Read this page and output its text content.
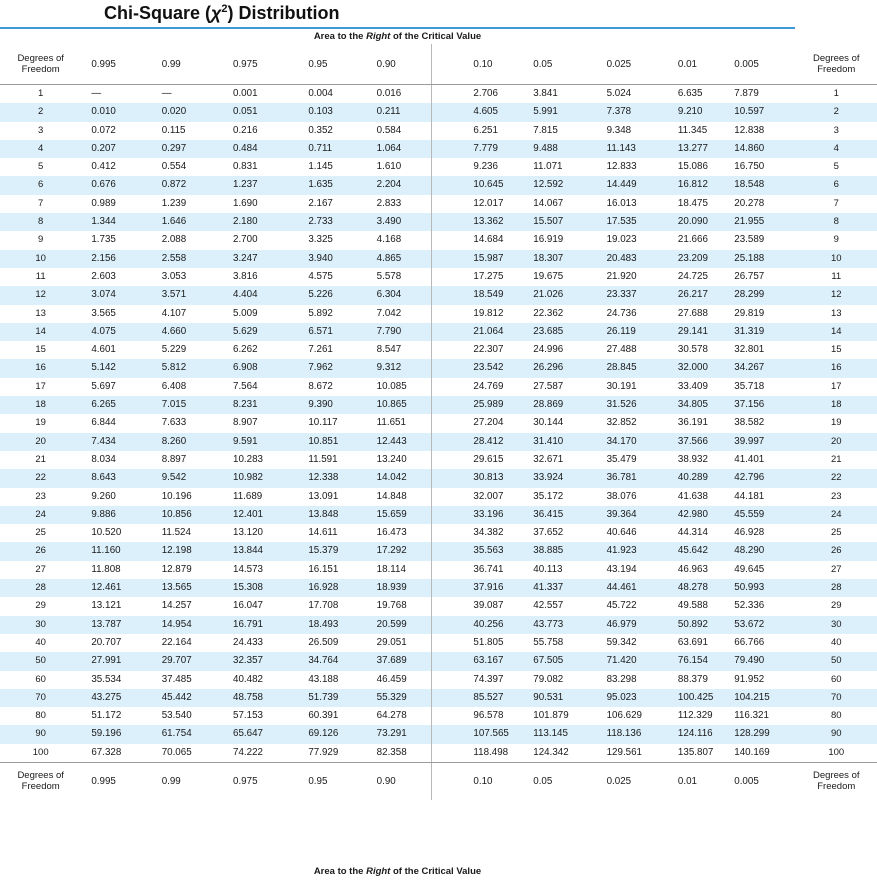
Chi-Square $(\chi^2)$ Distribution
Area to the Right of the Critical Value
Degrees of
Freedom	0.995	0.99	0.975	0.95	0.90	0.10	0.05	0.025	0.01	0.005	Degrees of
Freedom
1	—	—	0.001	0.004	0.016	2.706	3.841	5.024	6.635	7.879	1
2	0.010	0.020	0.051	0.103	0.211	4.605	5.991	7.378	9.210	10.597	2
3	0.072	0.115	0.216	0.352	0.584	6.251	7.815	9.348	11.345	12.838	3
4	0.207	0.297	0.484	0.711	1.064	7.779	9.488	11.143	13.277	14.860	4
5	0.412	0.554	0.831	1.145	1.610	9.236	11.071	12.833	15.086	16.750	5
6	0.676	0.872	1.237	1.635	2.204	10.645	12.592	14.449	16.812	18.548	6
7	0.989	1.239	1.690	2.167	2.833	12.017	14.067	16.013	18.475	20.278	7
8	1.344	1.646	2.180	2.733	3.490	13.362	15.507	17.535	20.090	21.955	8
9	1.735	2.088	2.700	3.325	4.168	14.684	16.919	19.023	21.666	23.589	9
10	2.156	2.558	3.247	3.940	4.865	15.987	18.307	20.483	23.209	25.188	10
11	2.603	3.053	3.816	4.575	5.578	17.275	19.675	21.920	24.725	26.757	11
12	3.074	3.571	4.404	5.226	6.304	18.549	21.026	23.337	26.217	28.299	12
13	3.565	4.107	5.009	5.892	7.042	19.812	22.362	24.736	27.688	29.819	13
14	4.075	4.660	5.629	6.571	7.790	21.064	23.685	26.119	29.141	31.319	14
15	4.601	5.229	6.262	7.261	8.547	22.307	24.996	27.488	30.578	32.801	15
16	5.142	5.812	6.908	7.962	9.312	23.542	26.296	28.845	32.000	34.267	16
17	5.697	6.408	7.564	8.672	10.085	24.769	27.587	30.191	33.409	35.718	17
18	6.265	7.015	8.231	9.390	10.865	25.989	28.869	31.526	34.805	37.156	18
19	6.844	7.633	8.907	10.117	11.651	27.204	30.144	32.852	36.191	38.582	19
20	7.434	8.260	9.591	10.851	12.443	28.412	31.410	34.170	37.566	39.997	20
21	8.034	8.897	10.283	11.591	13.240	29.615	32.671	35.479	38.932	41.401	21
22	8.643	9.542	10.982	12.338	14.042	30.813	33.924	36.781	40.289	42.796	22
23	9.260	10.196	11.689	13.091	14.848	32.007	35.172	38.076	41.638	44.181	23
24	9.886	10.856	12.401	13.848	15.659	33.196	36.415	39.364	42.980	45.559	24
25	10.520	11.524	13.120	14.611	16.473	34.382	37.652	40.646	44.314	46.928	25
26	11.160	12.198	13.844	15.379	17.292	35.563	38.885	41.923	45.642	48.290	26
27	11.808	12.879	14.573	16.151	18.114	36.741	40.113	43.194	46.963	49.645	27
28	12.461	13.565	15.308	16.928	18.939	37.916	41.337	44.461	48.278	50.993	28
29	13.121	14.257	16.047	17.708	19.768	39.087	42.557	45.722	49.588	52.336	29
30	13.787	14.954	16.791	18.493	20.599	40.256	43.773	46.979	50.892	53.672	30
40	20.707	22.164	24.433	26.509	29.051	51.805	55.758	59.342	63.691	66.766	40
50	27.991	29.707	32.357	34.764	37.689	63.167	67.505	71.420	76.154	79.490	50
60	35.534	37.485	40.482	43.188	46.459	74.397	79.082	83.298	88.379	91.952	60
70	43.275	45.442	48.758	51.739	55.329	85.527	90.531	95.023	100.425	104.215	70
80	51.172	53.540	57.153	60.391	64.278	96.578	101.879	106.629	112.329	116.321	80
90	59.196	61.754	65.647	69.126	73.291	107.565	113.145	118.136	124.116	128.299	90
100	67.328	70.065	74.222	77.929	82.358	118.498	124.342	129.561	135.807	140.169	100
Degrees of
Freedom	0.995	0.99	0.975	0.95	0.90	0.10	0.05	0.025	0.01	0.005	Degrees of
Freedom
Area to the Right of the Critical Value
